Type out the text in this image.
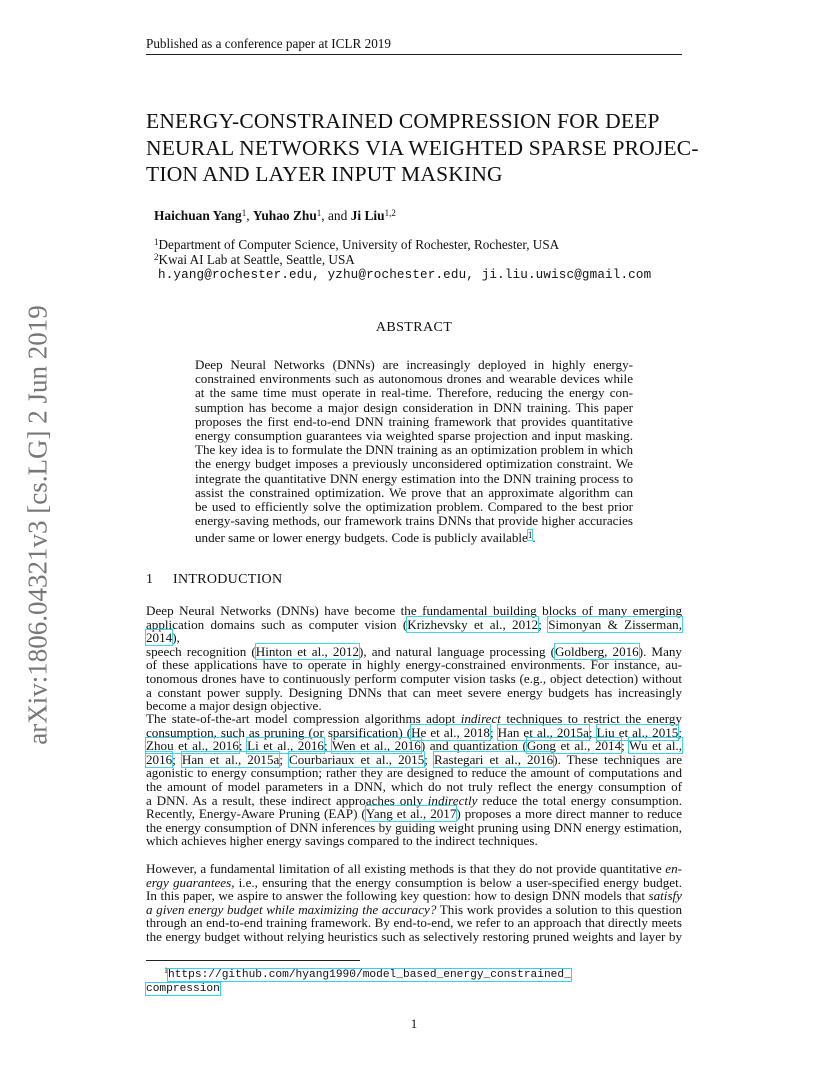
Published as a conference paper at ICLR 2019
arXiv:1806.04321v3 [cs.LG] 2 Jun 2019
ENERGY-CONSTRAINED COMPRESSION FOR DEEP
NEURAL NETWORKS VIA WEIGHTED SPARSE PROJEC-
TION AND LAYER INPUT MASKING
Haichuan Yang$^1$, Yuhao Zhu$^1$, and Ji Liu$^{1,2}$
$^1$Department of Computer Science, University of Rochester, Rochester, USA
$^2$Kwai AI Lab at Seattle, Seattle, USA
h.yang@rochester.edu, yzhu@rochester.edu, ji.liu.uwisc@gmail.com
ABSTRACT
Deep Neural Networks (DNNs) are increasingly deployed in highly energy-
constrained environments such as autonomous drones and wearable devices while
at the same time must operate in real-time. Therefore, reducing the energy con-
sumption has become a major design consideration in DNN training. This paper
proposes the first end-to-end DNN training framework that provides quantitative
energy consumption guarantees via weighted sparse projection and input masking.
The key idea is to formulate the DNN training as an optimization problem in which
the energy budget imposes a previously unconsidered optimization constraint. We
integrate the quantitative DNN energy estimation into the DNN training process to
assist the constrained optimization. We prove that an approximate algorithm can
be used to efficiently solve the optimization problem. Compared to the best prior
energy-saving methods, our framework trains DNNs that provide higher accuracies
under same or lower energy budgets. Code is publicly available$^1$.
1 INTRODUCTION
Deep Neural Networks (DNNs) have become the fundamental building blocks of many emerging
application domains such as computer vision (Krizhevsky et al., 2012; Simonyan & Zisserman, 2014),
speech recognition (Hinton et al., 2012), and natural language processing (Goldberg, 2016). Many
of these applications have to operate in highly energy-constrained environments. For instance, au-
tonomous drones have to continuously perform computer vision tasks (e.g., object detection) without
a constant power supply. Designing DNNs that can meet severe energy budgets has increasingly
become a major design objective.
The state-of-the-art model compression algorithms adopt indirect techniques to restrict the energy
consumption, such as pruning (or sparsification) (He et al., 2018; Han et al., 2015a; Liu et al., 2015;
Zhou et al., 2016; Li et al., 2016; Wen et al., 2016) and quantization (Gong et al., 2014; Wu et al.,
2016; Han et al., 2015a; Courbariaux et al., 2015; Rastegari et al., 2016). These techniques are
agonistic to energy consumption; rather they are designed to reduce the amount of computations and
the amount of model parameters in a DNN, which do not truly reflect the energy consumption of
a DNN. As a result, these indirect approaches only indirectly reduce the total energy consumption.
Recently, Energy-Aware Pruning (EAP) (Yang et al., 2017) proposes a more direct manner to reduce
the energy consumption of DNN inferences by guiding weight pruning using DNN energy estimation,
which achieves higher energy savings compared to the indirect techniques.
However, a fundamental limitation of all existing methods is that they do not provide quantitative en-
ergy guarantees, i.e., ensuring that the energy consumption is below a user-specified energy budget.
In this paper, we aspire to answer the following key question: how to design DNN models that satisfy
a given energy budget while maximizing the accuracy? This work provides a solution to this question
through an end-to-end training framework. By end-to-end, we refer to an approach that directly meets
the energy budget without relying heuristics such as selectively restoring pruned weights and layer by
$^1$https://github.com/hyang1990/model_based_energy_constrained_
compression
1
